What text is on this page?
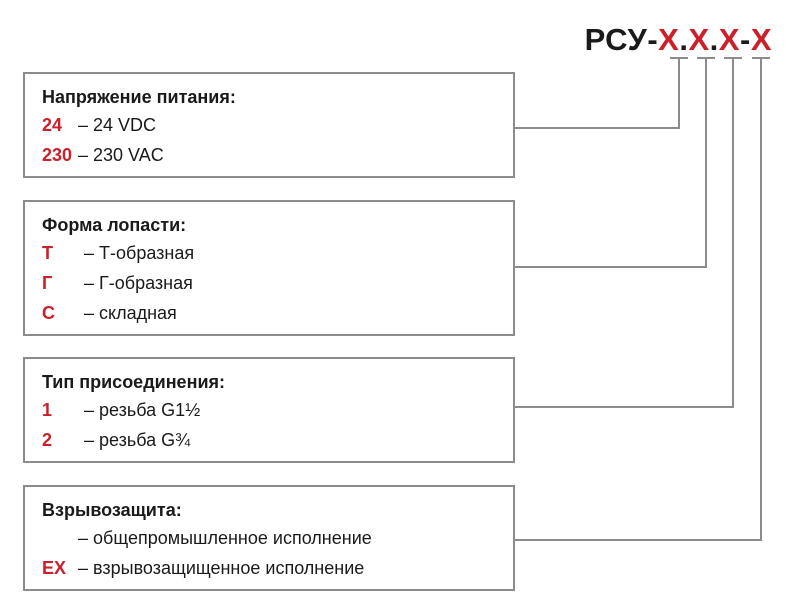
РСУ-X.X.X-X
Напряжение питания:
24 – 24 VDC
230 – 230 VAC
Форма лопасти:
Т – Т-образная
Г – Г-образная
С – складная
Тип присоединения:
1 – резьба G1½
2 – резьба G¾
Взрывозащита:
– общепромышленное исполнение
EX – взрывозащищенное исполнение
